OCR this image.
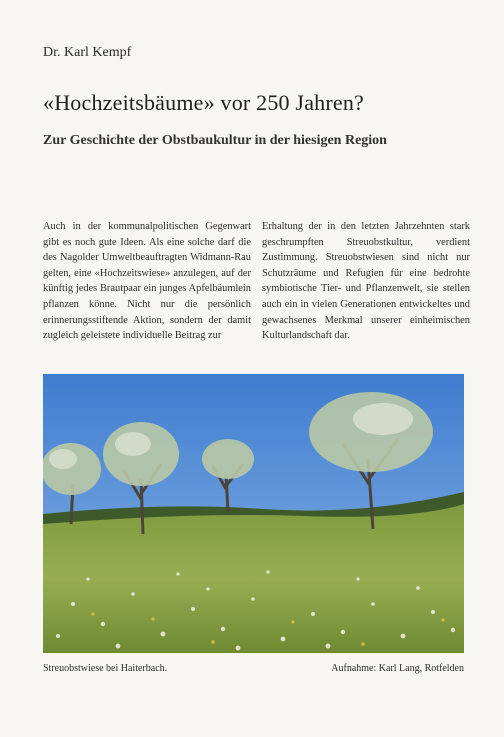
Dr. Karl Kempf
«Hochzeitsbäume» vor 250 Jahren?
Zur Geschichte der Obstbaukultur in der hiesigen Region

Auch in der kommunalpolitischen Gegenwart gibt es noch gute Ideen. Als eine solche darf die des Nagolder Umweltbeauftragten Widmann-Rau gelten, eine «Hochzeitswiese» anzulegen, auf der künftig jedes Brautpaar ein junges Apfelbäumlein pflanzen könne. Nicht nur die persönlich erinnerungsstiftende Aktion, sondern der damit zugleich geleistete individuelle Beitrag zur

Erhaltung der in den letzten Jahrzehnten stark geschrumpften Streuobstkultur, verdient Zustimmung. Streuobstwiesen sind nicht nur Schutzräume und Refugien für eine bedrohte symbiotische Tier- und Pflanzenwelt, sie stellen auch ein in vielen Generationen entwickeltes und gewachsenes Merkmal unserer einheimischen Kulturlandschaft dar.

Streuobstwiese bei Haiterbach.	Aufnahme: Karl Lang, Rotfelden
